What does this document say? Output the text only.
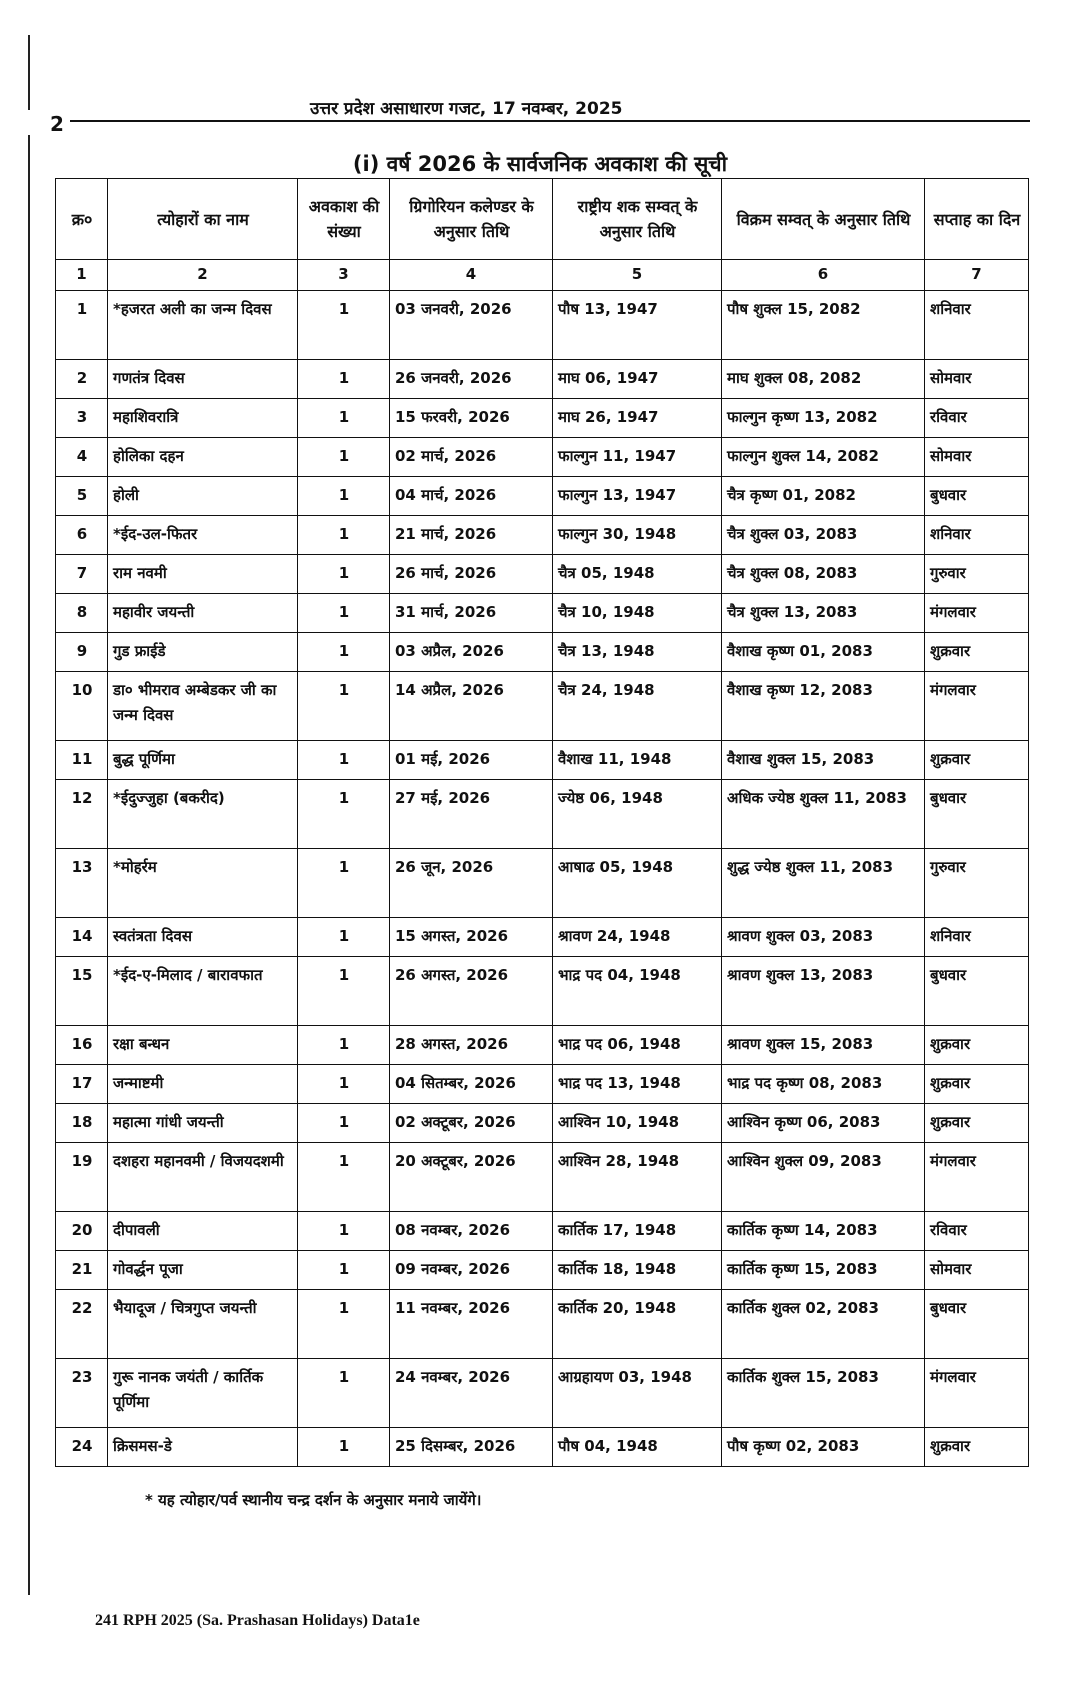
2
उत्तर प्रदेश असाधारण गजट, 17 नवम्बर, 2025
(i) वर्ष 2026 के सार्वजनिक अवकाश की सूची
क्र०	त्योहारों का नाम	अवकाश की संख्या	ग्रिगोरियन कलेण्डर के अनुसार तिथि	राष्ट्रीय शक सम्वत् के अनुसार तिथि	विक्रम सम्वत् के अनुसार तिथि	सप्ताह का दिन
1	2	3	4	5	6	7
1	*हजरत अली का जन्म दिवस	1	03 जनवरी, 2026	पौष 13, 1947	पौष शुक्ल 15, 2082	शनिवार
2	गणतंत्र दिवस	1	26 जनवरी, 2026	माघ 06, 1947	माघ शुक्ल 08, 2082	सोमवार
3	महाशिवरात्रि	1	15 फरवरी, 2026	माघ 26, 1947	फाल्गुन कृष्ण 13, 2082	रविवार
4	होलिका दहन	1	02 मार्च, 2026	फाल्गुन 11, 1947	फाल्गुन शुक्ल 14, 2082	सोमवार
5	होली	1	04 मार्च, 2026	फाल्गुन 13, 1947	चैत्र कृष्ण 01, 2082	बुधवार
6	*ईद-उल-फितर	1	21 मार्च, 2026	फाल्गुन 30, 1948	चैत्र शुक्ल 03, 2083	शनिवार
7	राम नवमी	1	26 मार्च, 2026	चैत्र 05, 1948	चैत्र शुक्ल 08, 2083	गुरुवार
8	महावीर जयन्ती	1	31 मार्च, 2026	चैत्र 10, 1948	चैत्र शुक्ल 13, 2083	मंगलवार
9	गुड फ्राईडे	1	03 अप्रैल, 2026	चैत्र 13, 1948	वैशाख कृष्ण 01, 2083	शुक्रवार
10	डा० भीमराव अम्बेडकर जी का जन्म दिवस	1	14 अप्रैल, 2026	चैत्र 24, 1948	वैशाख कृष्ण 12, 2083	मंगलवार
11	बुद्ध पूर्णिमा	1	01 मई, 2026	वैशाख 11, 1948	वैशाख शुक्ल 15, 2083	शुक्रवार
12	*ईदुज्जुहा (बकरीद)	1	27 मई, 2026	ज्येष्ठ 06, 1948	अधिक ज्येष्ठ शुक्ल 11, 2083	बुधवार
13	*मोहर्रम	1	26 जून, 2026	आषाढ 05, 1948	शुद्ध ज्येष्ठ शुक्ल 11, 2083	गुरुवार
14	स्वतंत्रता दिवस	1	15 अगस्त, 2026	श्रावण 24, 1948	श्रावण शुक्ल 03, 2083	शनिवार
15	*ईद-ए-मिलाद / बारावफात	1	26 अगस्त, 2026	भाद्र पद 04, 1948	श्रावण शुक्ल 13, 2083	बुधवार
16	रक्षा बन्धन	1	28 अगस्त, 2026	भाद्र पद 06, 1948	श्रावण शुक्ल 15, 2083	शुक्रवार
17	जन्माष्टमी	1	04 सितम्बर, 2026	भाद्र पद 13, 1948	भाद्र पद कृष्ण 08, 2083	शुक्रवार
18	महात्मा गांधी जयन्ती	1	02 अक्टूबर, 2026	आश्विन 10, 1948	आश्विन कृष्ण 06, 2083	शुक्रवार
19	दशहरा महानवमी / विजयदशमी	1	20 अक्टूबर, 2026	आश्विन 28, 1948	आश्विन शुक्ल 09, 2083	मंगलवार
20	दीपावली	1	08 नवम्बर, 2026	कार्तिक 17, 1948	कार्तिक कृष्ण 14, 2083	रविवार
21	गोवर्द्धन पूजा	1	09 नवम्बर, 2026	कार्तिक 18, 1948	कार्तिक कृष्ण 15, 2083	सोमवार
22	भैयादूज / चित्रगुप्त जयन्ती	1	11 नवम्बर, 2026	कार्तिक 20, 1948	कार्तिक शुक्ल 02, 2083	बुधवार
23	गुरू नानक जयंती / कार्तिक पूर्णिमा	1	24 नवम्बर, 2026	आग्रहायण 03, 1948	कार्तिक शुक्ल 15, 2083	मंगलवार
24	क्रिसमस-डे	1	25 दिसम्बर, 2026	पौष 04, 1948	पौष कृष्ण 02, 2083	शुक्रवार
* यह त्योहार/पर्व स्थानीय चन्द्र दर्शन के अनुसार मनाये जायेंगे।
241 RPH 2025 (Sa. Prashasan Holidays) Data1e
